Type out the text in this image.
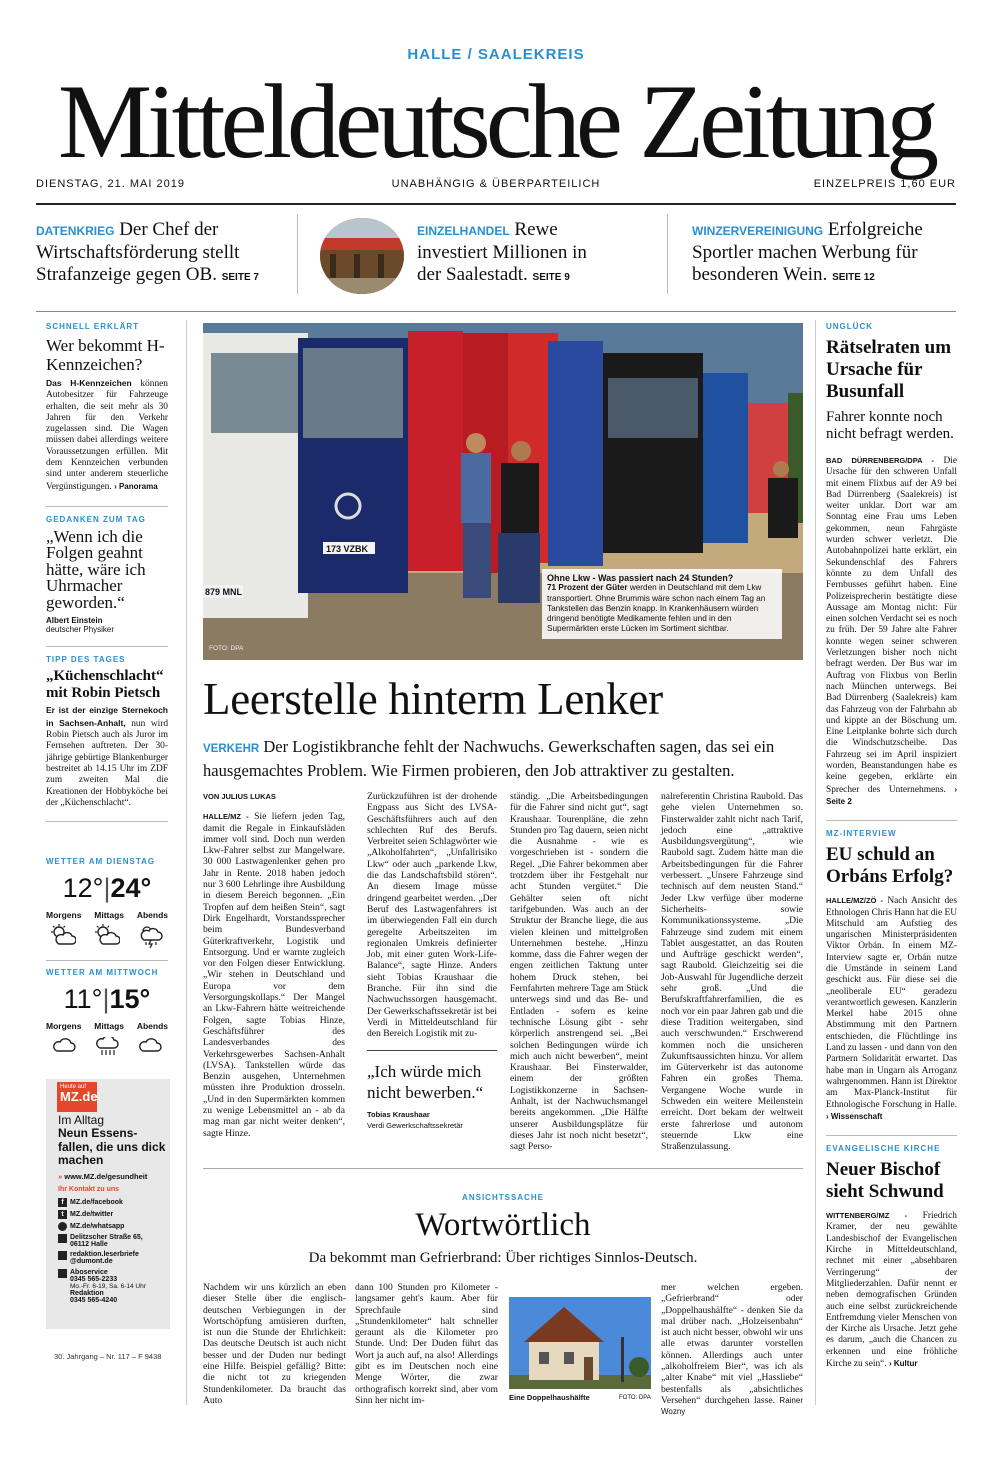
HALLE / SAALEKREIS
Mitteldeutsche Zeitung
DIENSTAG, 21. MAI 2019	UNABHÄNGIG & ÜBERPARTEILICH	EINZELPREIS 1,60 EUR
DATENKRIEG Der Chef der Wirtschaftsförderung stellt Strafanzeige gegen OB. SEITE 7
EINZELHANDEL Rewe investiert Millionen in der Saalestadt. SEITE 9
WINZERVEREINIGUNG Erfolgreiche Sportler machen Werbung für besonderen Wein. SEITE 12
SCHNELL ERKLÄRT
Wer bekommt H-Kennzeichen?
Das H-Kennzeichen können Autobesitzer für Fahrzeuge erhalten, die seit mehr als 30 Jahren für den Verkehr zugelassen sind. Die Wagen müssen dabei allerdings weitere Voraussetzungen erfüllen. Mit dem Kennzeichen verbunden sind unter anderem steuerliche Vergünstigungen. › Panorama
GEDANKEN ZUM TAG
„Wenn ich die Folgen geahnt hätte, wäre ich Uhrmacher geworden.“
Albert Einstein
deutscher Physiker
TIPP DES TAGES
„Küchenschlacht“ mit Robin Pietsch
Er ist der einzige Sternekoch in Sachsen-Anhalt, nun wird Robin Pietsch auch als Juror im Fernsehen auftreten. Der 30-jährige gebürtige Blankenburger bestreitet ab 14.15 Uhr im ZDF zum zweiten Mal die Kreationen der Hobbyköche bei der „Küchenschlacht“.
WETTER AM DIENSTAG
12°|24°
Morgens Mittags Abends
WETTER AM MITTWOCH
11°|15°
Morgens Mittags Abends
Heute auf
MZ.de
Im Alltag
Neun Essens-fallen, die uns dick machen
» www.MZ.de/gesundheit
Ihr Kontakt zu uns
f MZ.de/facebook
t MZ.de/twitter
MZ.de/whatsapp
Delitzscher Straße 65, 06112 Halle
redaktion.leserbriefe @dumont.de
Aboservice
0345 565-2233
Mo.-Fr. 6-19, Sa. 6-14 Uhr
Redaktion
0345 565-4240
30. Jahrgang – Nr. 117 – F 9438
173 VZBK
879 MNL
Ohne Lkw - Was passiert nach 24 Stunden?
71 Prozent der Güter werden in Deutschland mit dem Lkw transportiert. Ohne Brummis wäre schon nach einem Tag an Tankstellen das Benzin knapp. In Krankenhäusern würden dringend benötigte Medikamente fehlen und in den Supermärkten erste Lücken im Sortiment sichtbar.
FOTO: DPA
Leerstelle hinterm Lenker
VERKEHR Der Logistikbranche fehlt der Nachwuchs. Gewerkschaften sagen, das sei ein hausgemachtes Problem. Wie Firmen probieren, den Job attraktiver zu gestalten.
VON JULIUS LUKAS
HALLE/MZ - Sie liefern jeden Tag, damit die Regale in Einkaufsläden immer voll sind. Doch nun werden Lkw-Fahrer selbst zur Mangelware. 30 000 Lastwagenlenker gehen pro Jahr in Rente. 2018 haben jedoch nur 3 600 Lehrlinge ihre Ausbildung in diesem Bereich begonnen. „Ein Tropfen auf dem heißen Stein“, sagt Dirk Engelhardt, Vorstandssprecher beim Bundesverband Güterkraftverkehr, Logistik und Entsorgung. Und er warnte zugleich vor den Folgen dieser Entwicklung. „Wir stehen in Deutschland und Europa vor dem Versorgungskollaps.“ Der Mangel an Lkw-Fahrern hätte weitreichende Folgen, sagte Tobias Hinze, Geschäftsführer des Landesverbandes des Verkehrsgewerbes Sachsen-Anhalt (LVSA). Tankstellen würde das Benzin ausgehen, Unternehmen müssten ihre Produktion drosseln. „Und in den Supermärkten kommen zu wenige Lebensmittel an - ab da mag man gar nicht weiter denken“, sagte Hinze.
Zurückzuführen ist der drohende Engpass aus Sicht des LVSA-Geschäftsführers auch auf den schlechten Ruf des Berufs. Verbreitet seien Schlagwörter wie „Alkoholfahrten“, „Unfallrisiko Lkw“ oder auch „parkende Lkw, die das Landschaftsbild stören“. An diesem Image müsse dringend gearbeitet werden. „Der Beruf des Lastwagenfahrers ist im überwiegenden Fall ein durch geregelte Arbeitszeiten im regionalen Umkreis definierter Job, mit einer guten Work-Life-Balance“, sagte Hinze. Anders sieht Tobias Kraushaar die Branche. Für ihn sind die Nachwuchssorgen hausgemacht. Der Gewerkschaftssekretär ist bei Verdi in Mitteldeutschland für den Bereich Logistik mit zu-
„Ich würde mich nicht bewerben.“
Tobias Kraushaar
Verdi Gewerkschaftssekretär
ständig. „Die Arbeitsbedingungen für die Fahrer sind nicht gut“, sagt Kraushaar. Tourenpläne, die zehn Stunden pro Tag dauern, seien nicht die Ausnahme - wie es vorgeschrieben ist - sondern die Regel. „Die Fahrer bekommen aber trotzdem über ihr Festgehalt nur acht Stunden vergütet.“ Die Gehälter seien oft nicht tarifgebunden. Was auch an der Struktur der Branche liege, die aus vielen kleinen und mittelgroßen Unternehmen bestehe. „Hinzu komme, dass die Fahrer wegen der engen zeitlichen Taktung unter hohem Druck stehen, bei Fernfahrten mehrere Tage am Stück unterwegs sind und das Be- und Entladen - sofern es keine technische Lösung gibt - sehr körperlich anstrengend sei. „Bei solchen Bedingungen würde ich mich auch nicht bewerben“, meint Kraushaar. Bei Finsterwalder, einem der größten Logistikkonzerne in Sachsen-Anhalt, ist der Nachwuchsmangel bereits angekommen. „Die Hälfte unserer Ausbildungsplätze für dieses Jahr ist noch nicht besetzt“, sagt Perso-
nalreferentin Christina Raubold. Das gehe vielen Unternehmen so. Finsterwalder zahlt nicht nach Tarif, jedoch eine „attraktive Ausbildungsvergütung“, wie Raubold sagt. Zudem hätte man die Arbeitsbedingungen für die Fahrer verbessert. „Unsere Fahrzeuge sind technisch auf dem neusten Stand.“ Jeder Lkw verfüge über moderne Sicherheits- sowie Kommunikationssysteme. „Die Fahrzeuge sind zudem mit einem Tablet ausgestattet, an das Routen und Aufträge geschickt werden“, sagt Raubold. Gleichzeitig sei die Job-Auswahl für Jugendliche derzeit sehr groß. „Und die Berufskraftfahrerfamilien, die es noch vor ein paar Jahren gab und die diese Tradition weitergaben, sind auch verschwunden.“ Erschwerend kommen noch die unsicheren Zukunftsaussichten hinzu. Vor allem im Güterverkehr ist das autonome Fahren ein großes Thema. Vergangene Woche wurde in Schweden ein weitere Meilenstein erreicht. Dort bekam der weltweit erste fahrerlose und autonom steuernde Lkw eine Straßenzulassung.
ANSICHTSSACHE
Wortwörtlich
Da bekommt man Gefrierbrand: Über richtiges Sinnlos-Deutsch.
Nachdem wir uns kürzlich an eben dieser Stelle über die englisch-deutschen Verbiegungen in der Wortschöpfung amüsieren durften, ist nun die Stunde der Ehrlichkeit: Das deutsche Deutsch ist auch nicht besser und der Duden nur bedingt eine Hilfe. Beispiel gefällig? Bitte: die nicht tot zu kriegenden Stundenkilometer. Da braucht das Auto
dann 100 Stunden pro Kilometer - langsamer geht's kaum. Aber für Sprechfaule sind „Stundenkilometer“ halt schneller geraunt als die Kilometer pro Stunde. Und: Der Duden führt das Wort ja auch auf, na also! Allerdings gibt es im Deutschen noch eine Menge Wörter, die zwar orthografisch korrekt sind, aber vom Sinn her nicht im-	Eine Doppelhaushälfte	FOTO: DPA
mer welchen ergeben. „Gefrierbrand“ oder „Doppelhaushälfte“ - denken Sie da mal drüber nach. „Holzeisenbahn“ ist auch nicht besser, obwohl wir uns alle etwas darunter vorstellen können. Allerdings auch unter „alkoholfreiem Bier“, was ich als „alter Knabe“ mit viel „Hassliebe“ bestenfalls als „absichtliches Versehen“ durchgehen lasse. Rainer Wozny
UNGLÜCK
Rätselraten um Ursache für Busunfall
Fahrer konnte noch nicht befragt werden.
BAD DÜRRENBERG/DPA - Die Ursache für den schweren Unfall mit einem Flixbus auf der A9 bei Bad Dürrenberg (Saalekreis) ist weiter unklar. Dort war am Sonntag eine Frau ums Leben gekommen, neun Fahrgäste wurden schwer verletzt. Die Autobahnpolizei hatte erklärt, ein Sekundenschlaf des Fahrers könnte zu dem Unfall des Fernbusses geführt haben. Eine Polizeisprecherin bestätigte diese Aussage am Montag nicht: Für einen solchen Verdacht sei es noch zu früh. Der 59 Jahre alte Fahrer konnte wegen seiner schweren Verletzungen bisher noch nicht befragt werden. Der Bus war im Auftrag von Flixbus von Berlin nach München unterwegs. Bei Bad Dürrenberg (Saalekreis) kam das Fahrzeug von der Fahrbahn ab und kippte an der Böschung um. Eine Leitplanke bohrte sich durch die Windschutzscheibe. Das Fahrzeug sei im April inspiziert worden, Beanstandungen habe es keine gegeben, erklärte ein Sprecher des Unternehmens. › Seite 2
MZ-INTERVIEW
EU schuld an Orbáns Erfolg?
HALLE/MZ/ZÖ - Nach Ansicht des Ethnologen Chris Hann hat die EU Mitschuld am Aufstieg des ungarischen Ministerpräsidenten Viktor Orbán. In einem MZ-Interview sagte er, Orbán nutze die Umstände in seinem Land geschickt aus. Für diese sei die „neoliberale EU“ geradezu verantwortlich gewesen. Kanzlerin Merkel habe 2015 ohne Abstimmung mit den Partnern entschieden, die Flüchtlinge ins Land zu lassen - und dann von den Partnern Solidarität erwartet. Das habe man in Ungarn als Arroganz wahrgenommen. Hann ist Direktor am Max-Planck-Institut für Ethnologische Forschung in Halle. › Wissenschaft
EVANGELISCHE KIRCHE
Neuer Bischof sieht Schwund
WITTENBERG/MZ - Friedrich Kramer, der neu gewählte Landesbischof der Evangelischen Kirche in Mitteldeutschland, rechnet mit einer „absehbaren Verringerung“ der Mitgliederzahlen. Dafür nennt er neben demografischen Gründen auch eine selbst zurückreichende Entfremdung vieler Menschen von der Kirche als Ursache. Jetzt gehe es darum, „auch die Chancen zu erkennen und eine fröhliche Kirche zu sein“. › Kultur
